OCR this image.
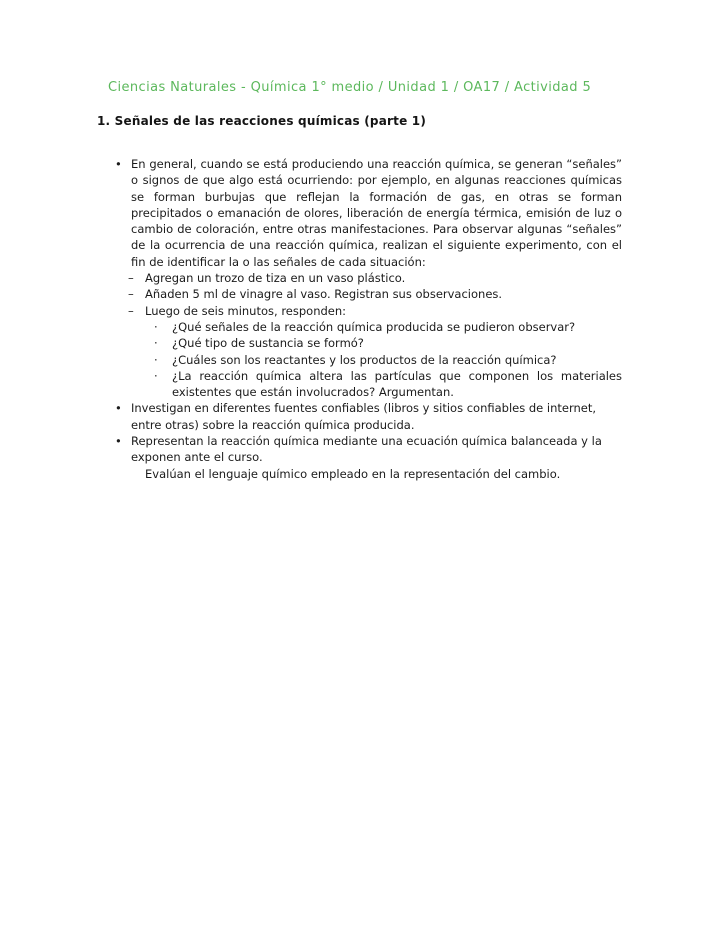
Ciencias Naturales - Química 1° medio / Unidad 1 / OA17 / Actividad 5

1. Señales de las reacciones químicas (parte 1)
• En general, cuando se está produciendo una reacción química, se generan “señales” o signos de que algo está ocurriendo: por ejemplo, en algunas reacciones químicas se forman burbujas que reflejan la formación de gas, en otras se forman precipitados o emanación de olores, liberación de energía térmica, emisión de luz o cambio de coloración, entre otras manifestaciones. Para observar algunas “señales” de la ocurrencia de una reacción química, realizan el siguiente experimento, con el fin de identificar la o las señales de cada situación:

– Agregan un trozo de tiza en un vaso plástico.

– Añaden 5 ml de vinagre al vaso. Registran sus observaciones.

– Luego de seis minutos, responden:

·	¿Qué señales de la reacción química producida se pudieron observar?

·	¿Qué tipo de sustancia se formó?

·	¿Cuáles son los reactantes y los productos de la reacción química?

·	¿La reacción química altera las partículas que componen los materiales existentes que están involucrados? Argumentan.

• Investigan en diferentes fuentes confiables (libros y sitios confiables de internet, entre otras) sobre la reacción química producida.

• Representan la reacción química mediante una ecuación química balanceada y la exponen ante el curso.

Evalúan el lenguaje químico empleado en la representación del cambio.
